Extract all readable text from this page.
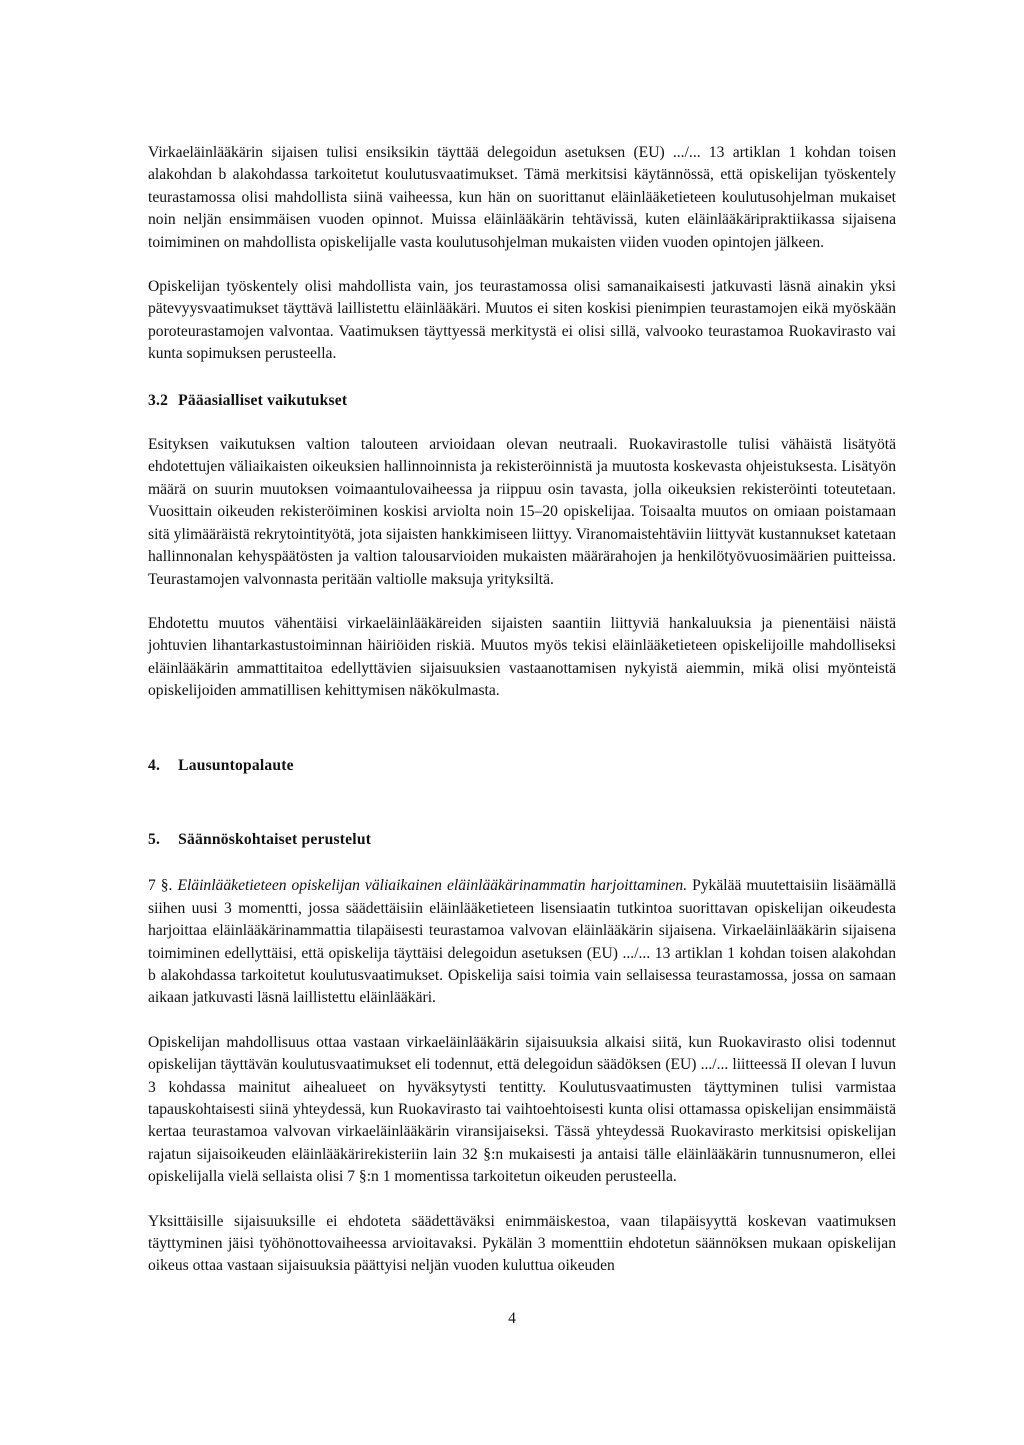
Virkaeläinlääkärin sijaisen tulisi ensiksikin täyttää delegoidun asetuksen (EU) .../... 13 artiklan 1 kohdan toisen alakohdan b alakohdassa tarkoitetut koulutusvaatimukset. Tämä merkitsisi käytännössä, että opiskelijan työskentely teurastamossa olisi mahdollista siinä vaiheessa, kun hän on suorittanut eläinlääketieteen koulutusohjelman mukaiset noin neljän ensimmäisen vuoden opinnot. Muissa eläinlääkärin tehtävissä, kuten eläinlääkäripraktiikassa sijaisena toimiminen on mahdollista opiskelijalle vasta koulutusohjelman mukaisten viiden vuoden opintojen jälkeen.

Opiskelijan työskentely olisi mahdollista vain, jos teurastamossa olisi samanaikaisesti jatkuvasti läsnä ainakin yksi pätevyysvaatimukset täyttävä laillistettu eläinlääkäri. Muutos ei siten koskisi pienimpien teurastamojen eikä myöskään poroteurastamojen valvontaa. Vaatimuksen täyttyessä merkitystä ei olisi sillä, valvooko teurastamoa Ruokavirasto vai kunta sopimuksen perusteella.

3.2 Pääasialliset vaikutukset

Esityksen vaikutuksen valtion talouteen arvioidaan olevan neutraali. Ruokavirastolle tulisi vähäistä lisätyötä ehdotettujen väliaikaisten oikeuksien hallinnoinnista ja rekisteröinnistä ja muutosta koskevasta ohjeistuksesta. Lisätyön määrä on suurin muutoksen voimaantulovaiheessa ja riippuu osin tavasta, jolla oikeuksien rekisteröinti toteutetaan. Vuosittain oikeuden rekisteröiminen koskisi arviolta noin 15–20 opiskelijaa. Toisaalta muutos on omiaan poistamaan sitä ylimääräistä rekrytointityötä, jota sijaisten hankkimiseen liittyy. Viranomaistehtäviin liittyvät kustannukset katetaan hallinnonalan kehyspäätösten ja valtion talousarvioiden mukaisten määrärahojen ja henkilötyövuosimäärien puitteissa. Teurastamojen valvonnasta peritään valtiolle maksuja yrityksiltä.

Ehdotettu muutos vähentäisi virkaeläinlääkäreiden sijaisten saantiin liittyviä hankaluuksia ja pienentäisi näistä johtuvien lihantarkastustoiminnan häiriöiden riskiä. Muutos myös tekisi eläinlääketieteen opiskelijoille mahdolliseksi eläinlääkärin ammattitaitoa edellyttävien sijaisuuksien vastaanottamisen nykyistä aiemmin, mikä olisi myönteistä opiskelijoiden ammatillisen kehittymisen näkökulmasta.

4. Lausuntopalaute
5. Säännöskohtaiset perustelut

7 §. Eläinlääketieteen opiskelijan väliaikainen eläinlääkärinammatin harjoittaminen. Pykälää muutettaisiin lisäämällä siihen uusi 3 momentti, jossa säädettäisiin eläinlääketieteen lisensiaatin tutkintoa suorittavan opiskelijan oikeudesta harjoittaa eläinlääkärinammattia tilapäisesti teurastamoa valvovan eläinlääkärin sijaisena. Virkaeläinlääkärin sijaisena toimiminen edellyttäisi, että opiskelija täyttäisi delegoidun asetuksen (EU) .../... 13 artiklan 1 kohdan toisen alakohdan b alakohdassa tarkoitetut koulutusvaatimukset. Opiskelija saisi toimia vain sellaisessa teurastamossa, jossa on samaan aikaan jatkuvasti läsnä laillistettu eläinlääkäri.

Opiskelijan mahdollisuus ottaa vastaan virkaeläinlääkärin sijaisuuksia alkaisi siitä, kun Ruokavirasto olisi todennut opiskelijan täyttävän koulutusvaatimukset eli todennut, että delegoidun säädöksen (EU) .../... liitteessä II olevan I luvun 3 kohdassa mainitut aihealueet on hyväksytysti tentitty. Koulutusvaatimusten täyttyminen tulisi varmistaa tapauskohtaisesti siinä yhteydessä, kun Ruokavirasto tai vaihtoehtoisesti kunta olisi ottamassa opiskelijan ensimmäistä kertaa teurastamoa valvovan virkaeläinlääkärin viransijaiseksi. Tässä yhteydessä Ruokavirasto merkitsisi opiskelijan rajatun sijaisoikeuden eläinlääkärirekisteriin lain 32 §:n mukaisesti ja antaisi tälle eläinlääkärin tunnusnumeron, ellei opiskelijalla vielä sellaista olisi 7 §:n 1 momentissa tarkoitetun oikeuden perusteella.

Yksittäisille sijaisuuksille ei ehdoteta säädettäväksi enimmäiskestoa, vaan tilapäisyyttä koskevan vaatimuksen täyttyminen jäisi työhönottovaiheessa arvioitavaksi. Pykälän 3 momenttiin ehdotetun säännöksen mukaan opiskelijan oikeus ottaa vastaan sijaisuuksia päättyisi neljän vuoden kuluttua oikeuden

4
